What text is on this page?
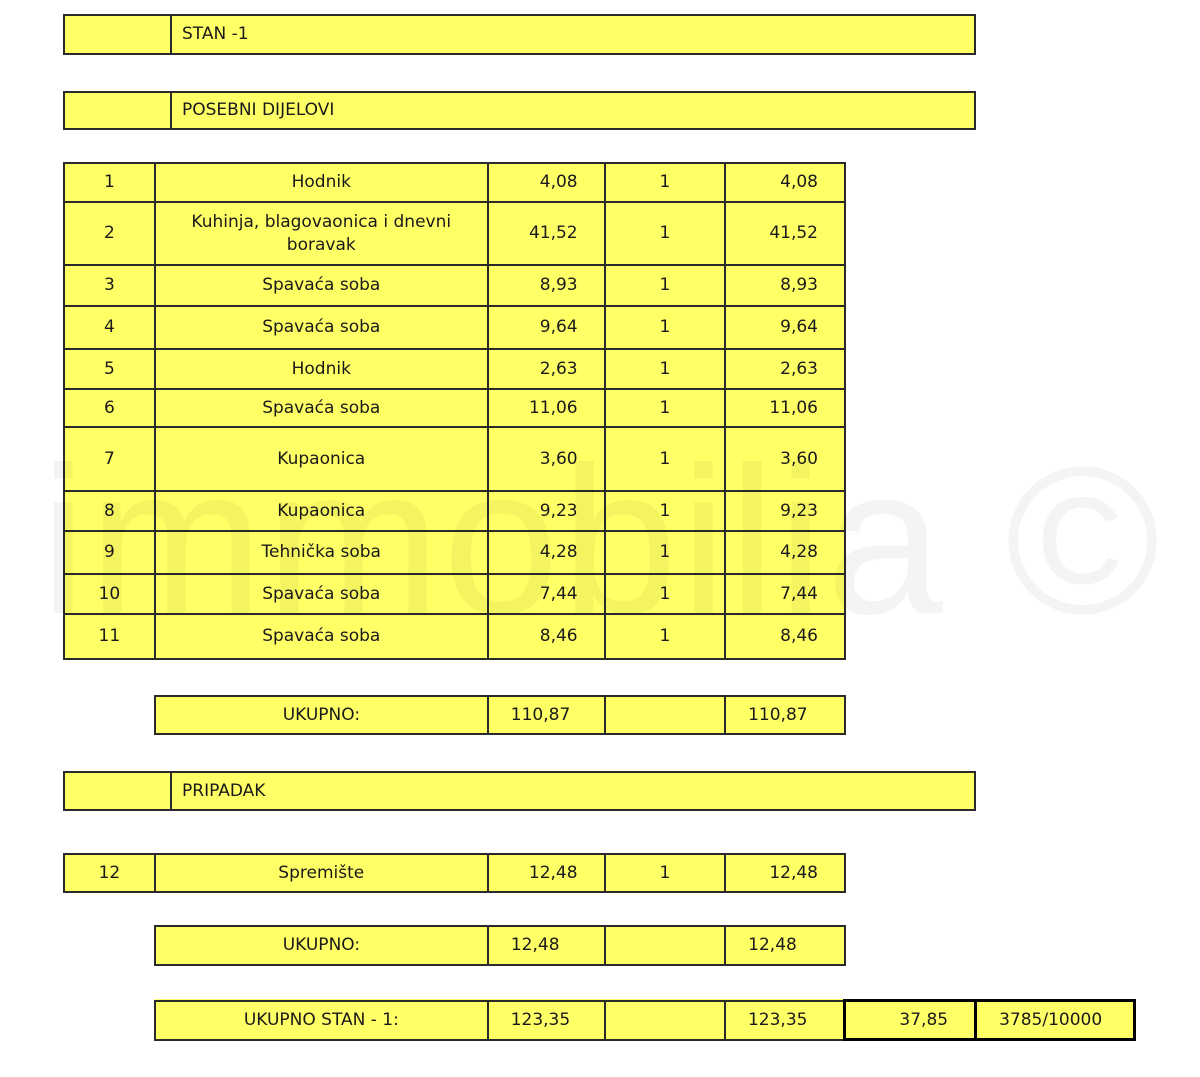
	STAN -1
	POSEBNI DIJELOVI
1	Hodnik	4,08	1	4,08
2	Kuhinja, blagovaonica i dnevni boravak	41,52	1	41,52
3	Spavaća soba	8,93	1	8,93
4	Spavaća soba	9,64	1	9,64
5	Hodnik	2,63	1	2,63
6	Spavaća soba	11,06	1	11,06
7	Kupaonica	3,60	1	3,60
8	Kupaonica	9,23	1	9,23
9	Tehnička soba	4,28	1	4,28
10	Spavaća soba	7,44	1	7,44
11	Spavaća soba	8,46	1	8,46
UKUPNO:	110,87		110,87
	PRIPADAK
12	Spremište	12,48	1	12,48
UKUPNO:	12,48		12,48
UKUPNO STAN - 1:	123,35		123,35	37,85	3785/10000
